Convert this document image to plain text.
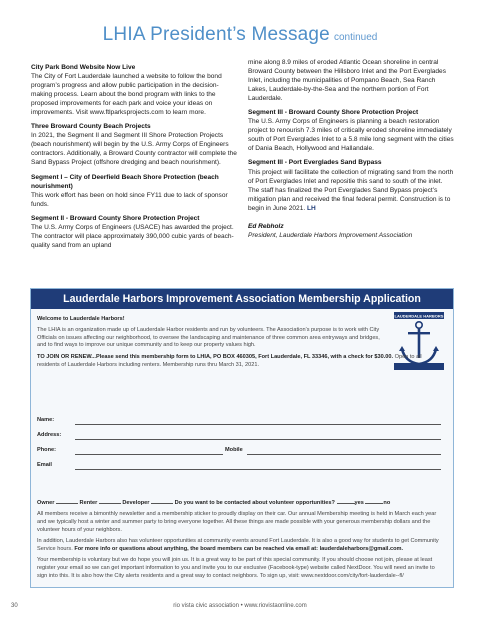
LHIA President’s Message continued

City Park Bond Website Now Live
The City of Fort Lauderdale launched a website to follow the bond program’s progress and allow public participation in the decision-making process. Learn about the bond program with links to the proposed improvements for each park and voice your ideas on improvements. Visit www.ftlparksprojects.com to learn more.

Three Broward County Beach Projects
In 2021, the Segment II and Segment III Shore Protection Projects (beach nourishment) will begin by the U.S. Army Corps of Engineers contractors. Additionally, a Broward County contractor will complete the Sand Bypass Project (offshore dredging and beach nourishment).

Segment I – City of Deerfield Beach Shore Protection (beach nourishment)
This work effort has been on hold since FY11 due to lack of sponsor funds.

Segment II - Broward County Shore Protection Project
The U.S. Army Corps of Engineers (USACE) has awarded the project. The contractor will place approximately 390,000 cubic yards of beach-quality sand from an upland

mine along 8.9 miles of eroded Atlantic Ocean shoreline in central Broward County between the Hillsboro Inlet and the Port Everglades Inlet, including the municipalities of Pompano Beach, Sea Ranch Lakes, Lauderdale-by-the-Sea and the northern portion of Fort Lauderdale.

Segment III - Broward County Shore Protection Project
The U.S. Army Corps of Engineers is planning a beach restoration project to renourish 7.3 miles of critically eroded shoreline immediately south of Port Everglades Inlet to a 5.8 mile long segment with the cities of Dania Beach, Hollywood and Hallandale.

Segment III - Port Everglades Sand Bypass
This project will facilitate the collection of migrating sand from the north of Port Everglades Inlet and repositie this sand to south of the inlet. The staff has finalized the Port Everglades Sand Bypass project’s mitigation plan and received the final federal permit. Construction is to begin in June 2021. LH

Ed Rebholz
President, Lauderdale Harbors Improvement Association
Lauderdale Harbors Improvement Association Membership Application
LAUDERDALE HARBORS
Welcome to Lauderdale Harbors!
The LHIA is an organization made up of Lauderdale Harbor residents and run by volunteers. The Association’s purpose is to work with City Officials on issues affecting our neighborhood, to oversee the landscaping and maintenance of three common area entryways and bridges, and to find ways to improve our unique community and to keep our property values high.
TO JOIN OR RENEW...Please send this membership form to LHIA, PO BOX 460305, Fort Lauderdale, FL 33346, with a check for $30.00. Open to all residents of Lauderdale Harbors including renters. Membership runs thru March 31, 2021.
Name:
Address:
Phone:	Mobile
Email
Owner	Renter	Developer	Do you want to be contacted about volunteer opportunities?	yes	no
All members receive a bimonthly newsletter and a membership sticker to proudly display on their car. Our annual Membership meeting is held in March each year and we typically host a winter and summer party to bring everyone together. All these things are made possible with your generous membership dollars and the volunteer hours of your neighbors.
In addition, Lauderdale Harbors also has volunteer opportunities at community events around Fort Lauderdale. It is also a good way for students to get Community Service hours. For more info or questions about anything, the board members can be reached via email at: lauderdaleharbors@gmail.com.
Your membership is voluntary but we do hope you will join us. It is a great way to be part of this special community. If you should choose not join, please at least register your email so we can get important information to you and invite you to our exclusive (Facebook-type) website called NextDoor. You will need an invite to sign into this. It is also how the City alerts residents and a great way to contact neighbors. To sign up, visit: www.nextdoor.com/city/fort-lauderdale--fl/
30	rio vista civic association • www.riovistaonline.com
